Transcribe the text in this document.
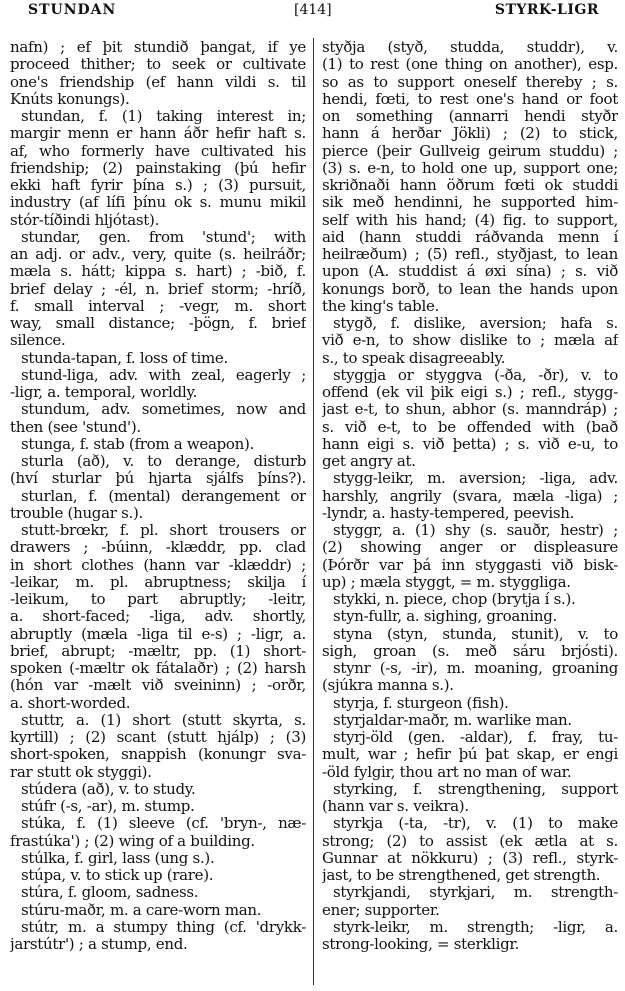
STUNDAN	[414]	STYRK-LIGR
nafn) ; ef þit stundið þangat, if ye
proceed thither; to seek or cultivate
one's friendship (ef hann vildi s. til
Knúts konungs).
stundan, f. (1) taking interest in;
margir menn er hann áðr hefir haft s.
af, who formerly have cultivated his
friendship; (2) painstaking (þú hefir
ekki haft fyrir þína s.) ; (3) pursuit,
industry (af lífi þínu ok s. munu mikil
stór-tíðindi hljótast).
stundar, gen. from 'stund'; with
an adj. or adv., very, quite (s. heilráðr;
mæla s. hátt; kippa s. hart) ; -bið, f.
brief delay ; -él, n. brief storm; -hríð,
f. small interval ; -vegr, m. short
way, small distance; -þögn, f. brief
silence.
stunda-tapan, f. loss of time.
stund-liga, adv. with zeal, eagerly ;
-ligr, a. temporal, worldly.
stundum, adv. sometimes, now and
then (see 'stund').
stunga, f. stab (from a weapon).
sturla (að), v. to derange, disturb
(hví sturlar þú hjarta sjálfs þíns?).
sturlan, f. (mental) derangement or
trouble (hugar s.).
stutt-brœkr, f. pl. short trousers or
drawers ; -búinn, -klæddr, pp. clad
in short clothes (hann var -klæddr) ;
-leikar, m. pl. abruptness; skilja í
-leikum, to part abruptly; -leitr,
a. short-faced; -liga, adv. shortly,
abruptly (mæla -liga til e-s) ; -ligr, a.
brief, abrupt; -mæltr, pp. (1) short-
spoken (-mæltr ok fátalaðr) ; (2) harsh
(hón var -mælt við sveininn) ; -orðr,
a. short-worded.
stuttr, a. (1) short (stutt skyrta, s.
kyrtill) ; (2) scant (stutt hjálp) ; (3)
short-spoken, snappish (konungr sva-
rar stutt ok styggi).
stúdera (að), v. to study.
stúfr (-s, -ar), m. stump.
stúka, f. (1) sleeve (cf. 'bryn-, næ-
frastúka') ; (2) wing of a building.
stúlka, f. girl, lass (ung s.).
stúpa, v. to stick up (rare).
stúra, f. gloom, sadness.
stúru-maðr, m. a care-worn man.
stútr, m. a stumpy thing (cf. 'drykk-
jarstútr') ; a stump, end.
styðja (styð, studda, studdr), v.
(1) to rest (one thing on another), esp.
so as to support oneself thereby ; s.
hendi, fœti, to rest one's hand or foot
on something (annarri hendi styðr
hann á herðar Jökli) ; (2) to stick,
pierce (þeir Gullveig geirum studdu) ;
(3) s. e-n, to hold one up, support one;
skriðnaði hann öðrum fœti ok studdi
sik með hendinni, he supported him-
self with his hand; (4) fig. to support,
aid (hann studdi ráðvanda menn í
heilræðum) ; (5) refl., styðjast, to lean
upon (A. studdist á øxi sína) ; s. við
konungs borð, to lean the hands upon
the king's table.
stygð, f. dislike, aversion; hafa s.
við e-n, to show dislike to ; mæla af
s., to speak disagreeably.
styggja or styggva (-ða, -ðr), v. to
offend (ek vil þik eigi s.) ; refl., stygg-
jast e-t, to shun, abhor (s. manndráp) ;
s. við e-t, to be offended with (bað
hann eigi s. við þetta) ; s. við e-u, to
get angry at.
stygg-leikr, m. aversion; -liga, adv.
harshly, angrily (svara, mæla -liga) ;
-lyndr, a. hasty-tempered, peevish.
styggr, a. (1) shy (s. sauðr, hestr) ;
(2) showing anger or displeasure
(Þórðr var þá inn styggasti við bisk-
up) ; mæla styggt, = m. styggliga.
stykki, n. piece, chop (brytja í s.).
styn-fullr, a. sighing, groaning.
styna (styn, stunda, stunit), v. to
sigh, groan (s. með sáru brjósti).
stynr (-s, -ir), m. moaning, groaning
(sjúkra manna s.).
styrja, f. sturgeon (fish).
styrjaldar-maðr, m. warlike man.
styrj-öld (gen. -aldar), f. fray, tu-
mult, war ; hefir þú þat skap, er engi
-öld fylgir, thou art no man of war.
styrking, f. strengthening, support
(hann var s. veikra).
styrkja (-ta, -tr), v. (1) to make
strong; (2) to assist (ek ætla at s.
Gunnar at nökkuru) ; (3) refl., styrk-
jast, to be strengthened, get strength.
styrkjandi, styrkjari, m. strength-
ener; supporter.
styrk-leikr, m. strength; -ligr, a.
strong-looking, = sterkligr.
